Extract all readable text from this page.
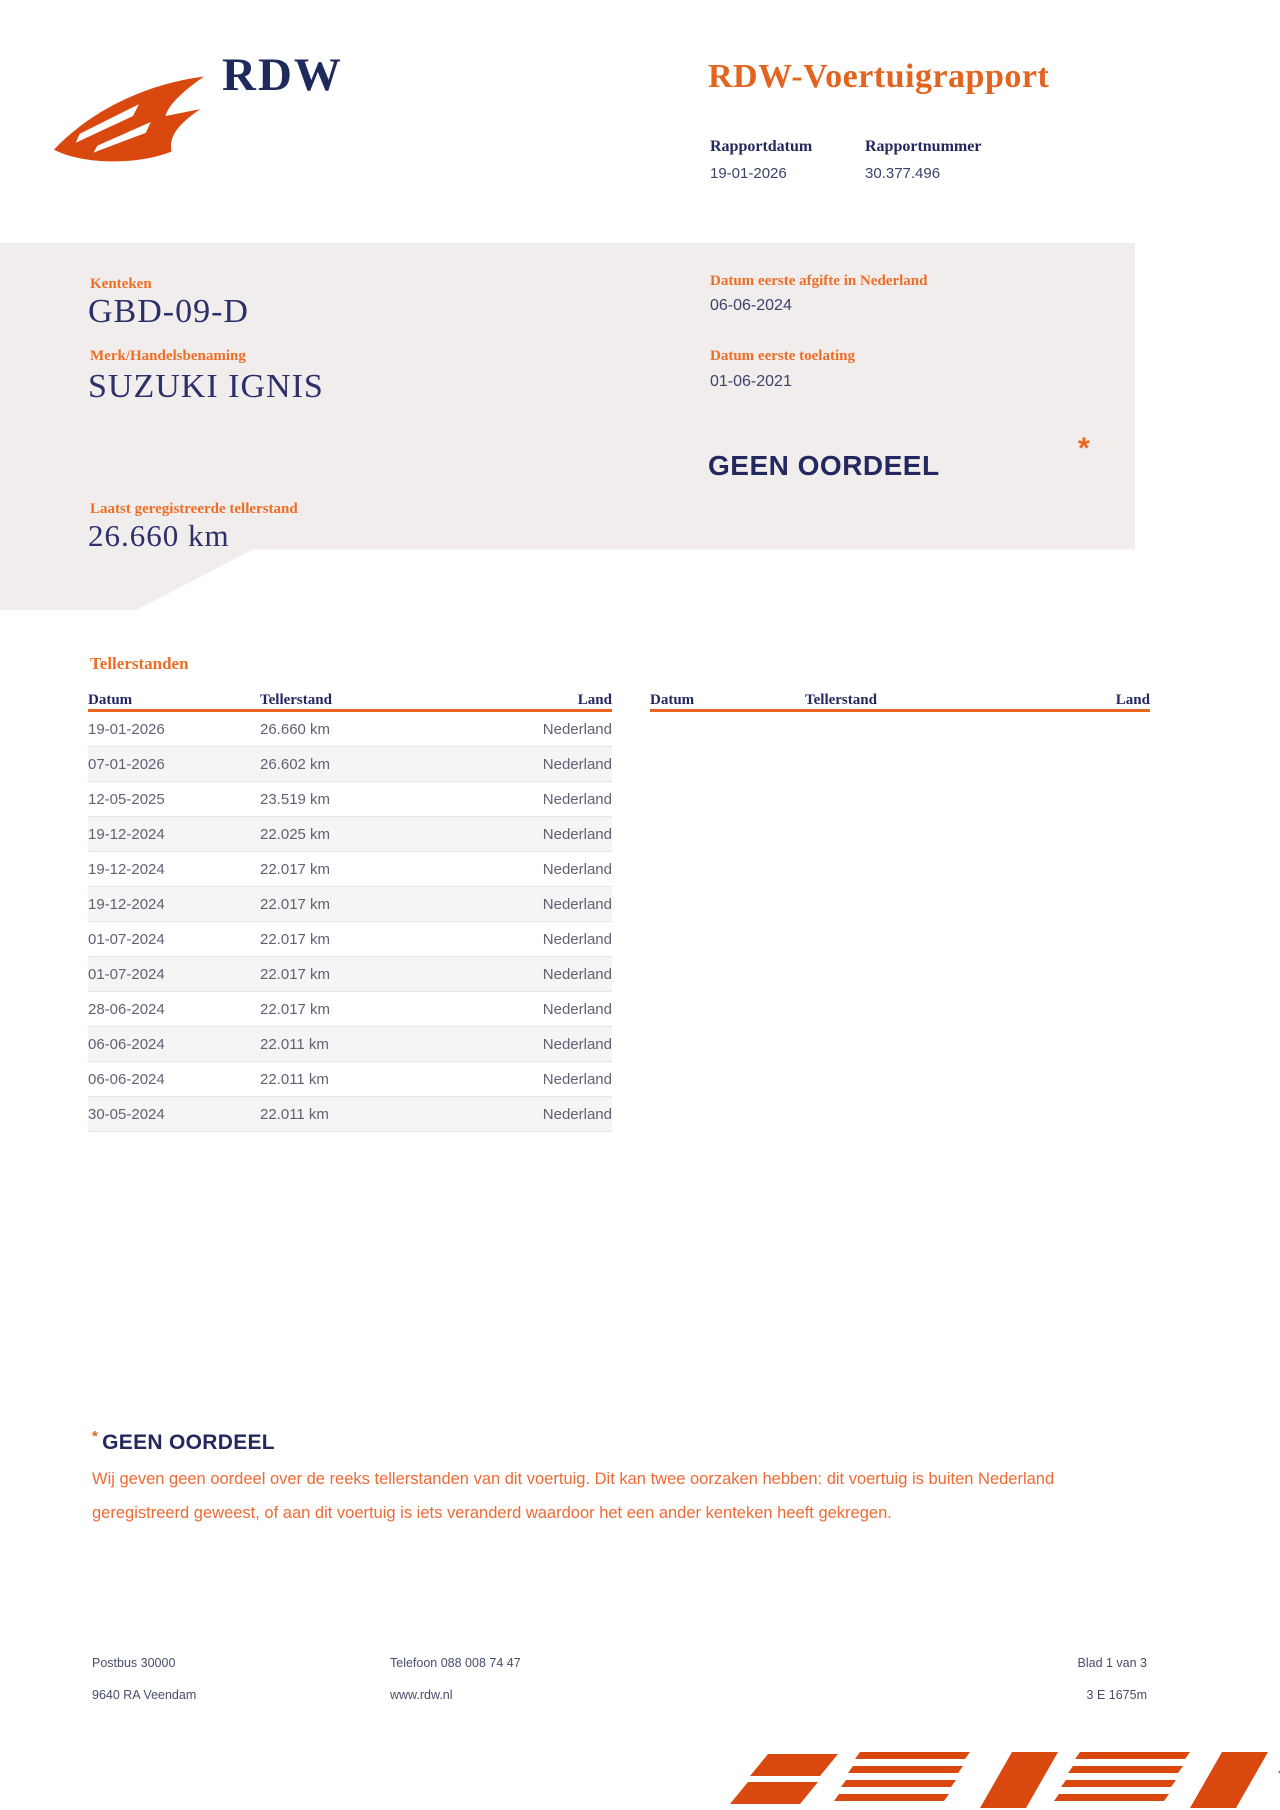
RDW	RDW-Voertuigrapport
Rapportdatum	Rapportnummer
19-01-2026	30.377.496
Kenteken
GBD-09-D
Merk/Handelsbenaming
SUZUKI IGNIS
Datum eerste afgifte in Nederland
06-06-2024
Datum eerste toelating
01-06-2021
GEEN OORDEEL
*
Laatst geregistreerde tellerstand
26.660 km
Tellerstanden
Datum	Tellerstand	Land
19-01-2026	26.660 km	Nederland
07-01-2026	26.602 km	Nederland
12-05-2025	23.519 km	Nederland
19-12-2024	22.025 km	Nederland
19-12-2024	22.017 km	Nederland
19-12-2024	22.017 km	Nederland
01-07-2024	22.017 km	Nederland
01-07-2024	22.017 km	Nederland
28-06-2024	22.017 km	Nederland
06-06-2024	22.011 km	Nederland
06-06-2024	22.011 km	Nederland
30-05-2024	22.011 km	Nederland
Datum	Tellerstand	Land
* GEEN OORDEEL
Wij geven geen oordeel over de reeks tellerstanden van dit voertuig. Dit kan twee oorzaken hebben: dit voertuig is buiten Nederland geregistreerd geweest, of aan dit voertuig is iets veranderd waardoor het een ander kenteken heeft gekregen.
Postbus 30000
9640 RA Veendam
Telefoon 088 008 74 47
www.rdw.nl
Blad 1 van 3
3 E 1675m
